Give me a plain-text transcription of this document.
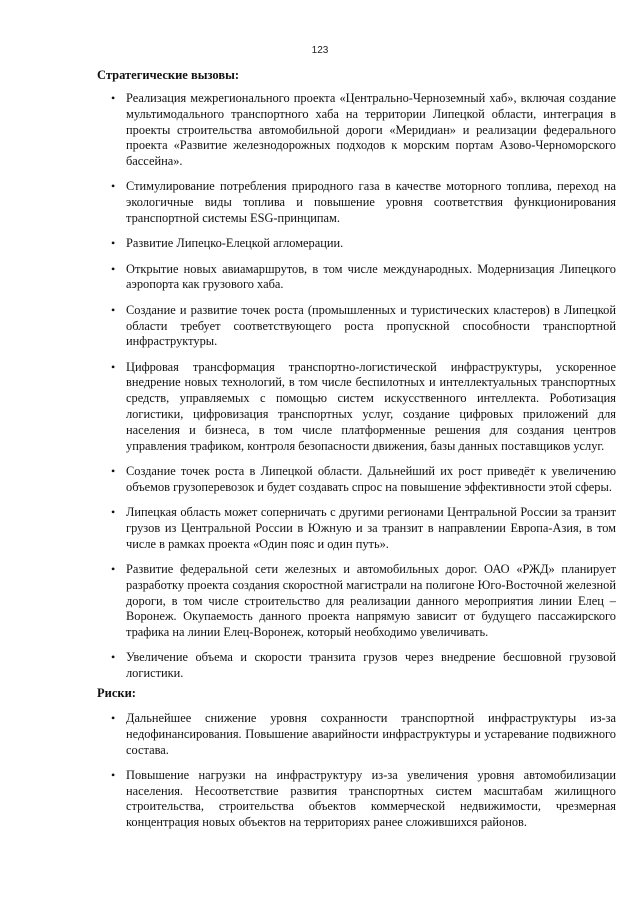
123
Стратегические вызовы:
• Реализация межрегионального проекта «Центрально-Черноземный хаб», включая создание мультимодального транспортного хаба на территории Липецкой области, интеграция в проекты строительства автомобильной дороги «Меридиан» и реализации федерального проекта «Развитие железнодорожных подходов к морским портам Азово-Черноморского бассейна».
• Стимулирование потребления природного газа в качестве моторного топлива, переход на экологичные виды топлива и повышение уровня соответствия функционирования транспортной системы ESG-принципам.
• Развитие Липецко-Елецкой агломерации.
• Открытие новых авиамаршрутов, в том числе международных. Модернизация Липецкого аэропорта как грузового хаба.
• Создание и развитие точек роста (промышленных и туристических кластеров) в Липецкой области требует соответствующего роста пропускной способности транспортной инфраструктуры.
• Цифровая трансформация транспортно-логистической инфраструктуры, ускоренное внедрение новых технологий, в том числе беспилотных и интеллектуальных транспортных средств, управляемых с помощью систем искусственного интеллекта. Роботизация логистики, цифровизация транспортных услуг, создание цифровых приложений для населения и бизнеса, в том числе платформенные решения для создания центров управления трафиком, контроля безопасности движения, базы данных поставщиков услуг.
• Создание точек роста в Липецкой области. Дальнейший их рост приведёт к увеличению объемов грузоперевозок и будет создавать спрос на повышение эффективности этой сферы.
• Липецкая область может соперничать с другими регионами Центральной России за транзит грузов из Центральной России в Южную и за транзит в направлении Европа-Азия, в том числе в рамках проекта «Один пояс и один путь».
• Развитие федеральной сети железных и автомобильных дорог. ОАО «РЖД» планирует разработку проекта создания скоростной магистрали на полигоне Юго-Восточной железной дороги, в том числе строительство для реализации данного мероприятия линии Елец – Воронеж. Окупаемость данного проекта напрямую зависит от будущего пассажирского трафика на линии Елец-Воронеж, который необходимо увеличивать.
• Увеличение объема и скорости транзита грузов через внедрение бесшовной грузовой логистики.
Риски:
• Дальнейшее снижение уровня сохранности транспортной инфраструктуры из-за недофинансирования. Повышение аварийности инфраструктуры и устаревание подвижного состава.
• Повышение нагрузки на инфраструктуру из-за увеличения уровня автомобилизации населения. Несоответствие развития транспортных систем масштабам жилищного строительства, строительства объектов коммерческой недвижимости, чрезмерная концентрация новых объектов на территориях ранее сложившихся районов.
